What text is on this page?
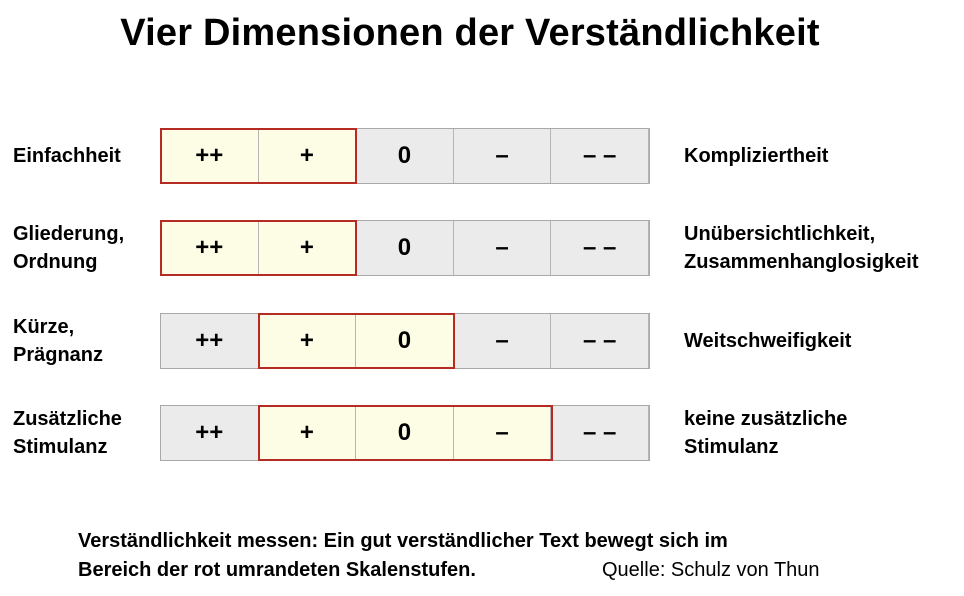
Vier Dimensionen der Verständlichkeit
Einfachheit	++	+	0	–	– –	Kompliziertheit
Gliederung,
Ordnung
++	+	0	–	– –	Unübersichtlichkeit,
Zusammenhanglosigkeit
Kürze,
Prägnanz
++	+	0	–	– –	Weitschweifigkeit
Zusätzliche
Stimulanz
++	+	0	–	– –	keine zusätzliche
Stimulanz
Verständlichkeit messen: Ein gut verständlicher Text bewegt sich im
Bereich der rot umrandeten Skalenstufen.	Quelle: Schulz von Thun
